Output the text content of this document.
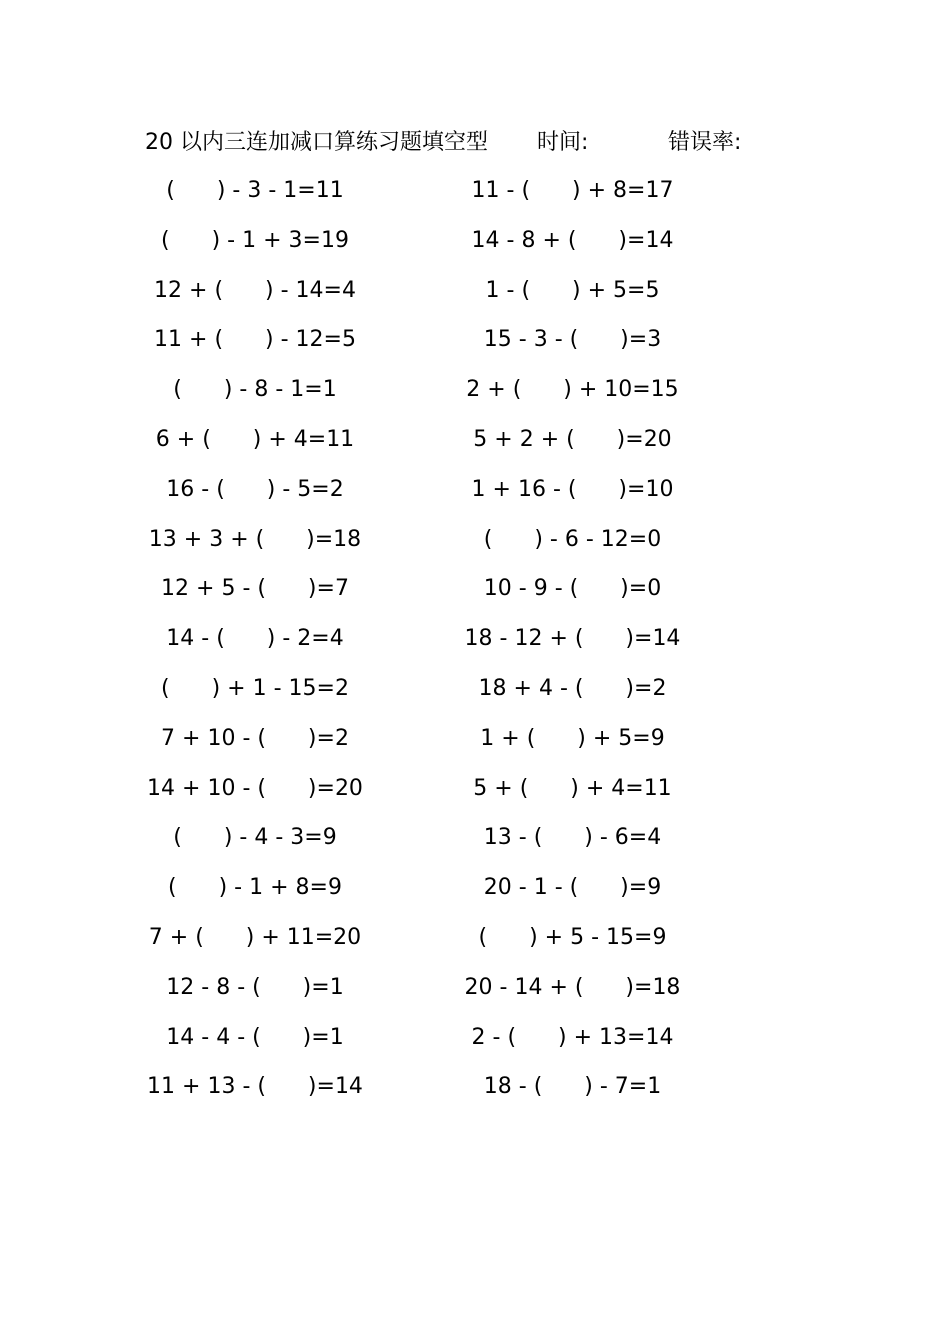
20 以内三连加减口算练习题填空型 时间:	错误率:
(      ) - 3 - 1=11
(      ) - 1 + 3=19
12 + (      ) - 14=4
11 + (      ) - 12=5
(      ) - 8 - 1=1
6 + (      ) + 4=11
16 - (      ) - 5=2
13 + 3 + (      )=18
12 + 5 - (      )=7
14 - (      ) - 2=4
(      ) + 1 - 15=2
7 + 10 - (      )=2
14 + 10 - (      )=20
(      ) - 4 - 3=9
(      ) - 1 + 8=9
7 + (      ) + 11=20
12 - 8 - (      )=1
14 - 4 - (      )=1
11 + 13 - (      )=14
11 - (      ) + 8=17
14 - 8 + (      )=14
1 - (      ) + 5=5
15 - 3 - (      )=3
2 + (      ) + 10=15
5 + 2 + (      )=20
1 + 16 - (      )=10
(      ) - 6 - 12=0
10 - 9 - (      )=0
18 - 12 + (      )=14
18 + 4 - (      )=2
1 + (      ) + 5=9
5 + (      ) + 4=11
13 - (      ) - 6=4
20 - 1 - (      )=9
(      ) + 5 - 15=9
20 - 14 + (      )=18
2 - (      ) + 13=14
18 - (      ) - 7=1
